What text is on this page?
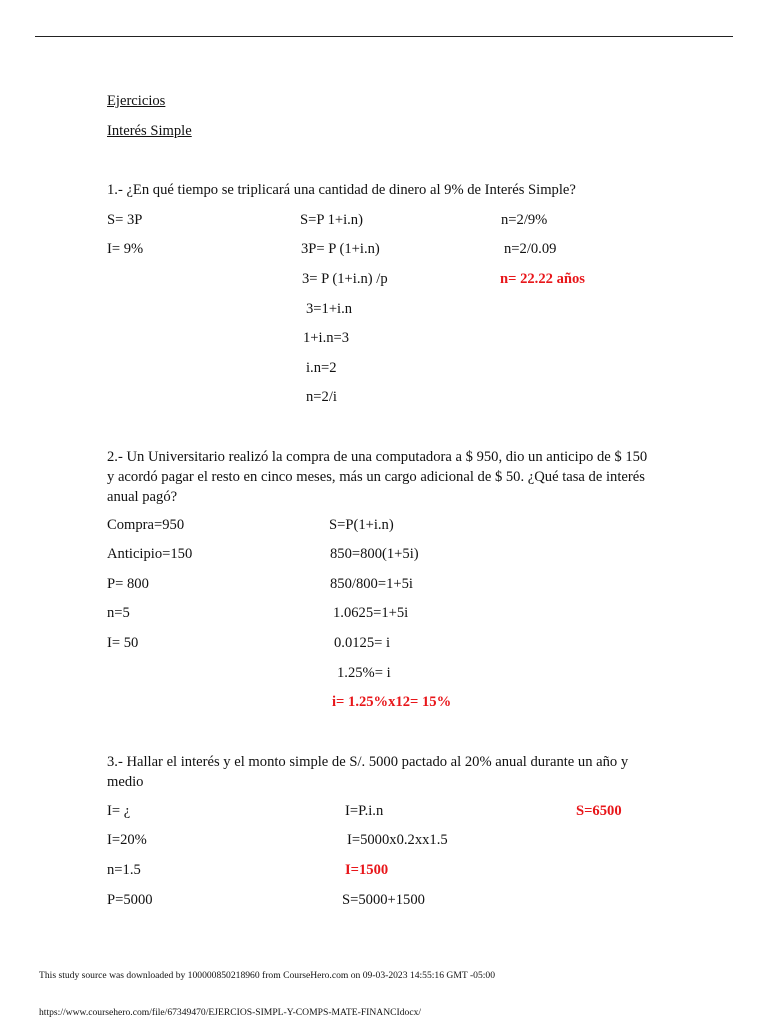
Ejercicios
Interés Simple
1.- ¿En qué tiempo se triplicará una cantidad de dinero al 9% de Interés Simple?
S= 3P
I= 9%
S=P 1+i.n)
3P= P (1+i.n)
3= P (1+i.n) /p
3=1+i.n
1+i.n=3
i.n=2
n=2/i
n=2/9%
n=2/0.09
n= 22.22 años
2.- Un Universitario realizó la compra de una computadora a $ 950, dio un anticipo de $ 150 y acordó pagar el resto en cinco meses, más un cargo adicional de $ 50. ¿Qué tasa de interés anual pagó?
Compra=950
Anticipio=150
P= 800
n=5
I= 50
S=P(1+i.n)
850=800(1+5i)
850/800=1+5i
1.0625=1+5i
0.0125= i
1.25%= i
i= 1.25%x12= 15%
3.- Hallar el interés y el monto simple de S/. 5000 pactado al 20% anual durante un año y medio
I= ¿
I=20%
n=1.5
P=5000
I=P.i.n
I=5000x0.2xx1.5
I=1500
S=5000+1500
S=6500
This study source was downloaded by 100000850218960 from CourseHero.com on 09-03-2023 14:55:16 GMT -05:00
https://www.coursehero.com/file/67349470/EJERCIOS-SIMPL-Y-COMPS-MATE-FINANCIdocx/
